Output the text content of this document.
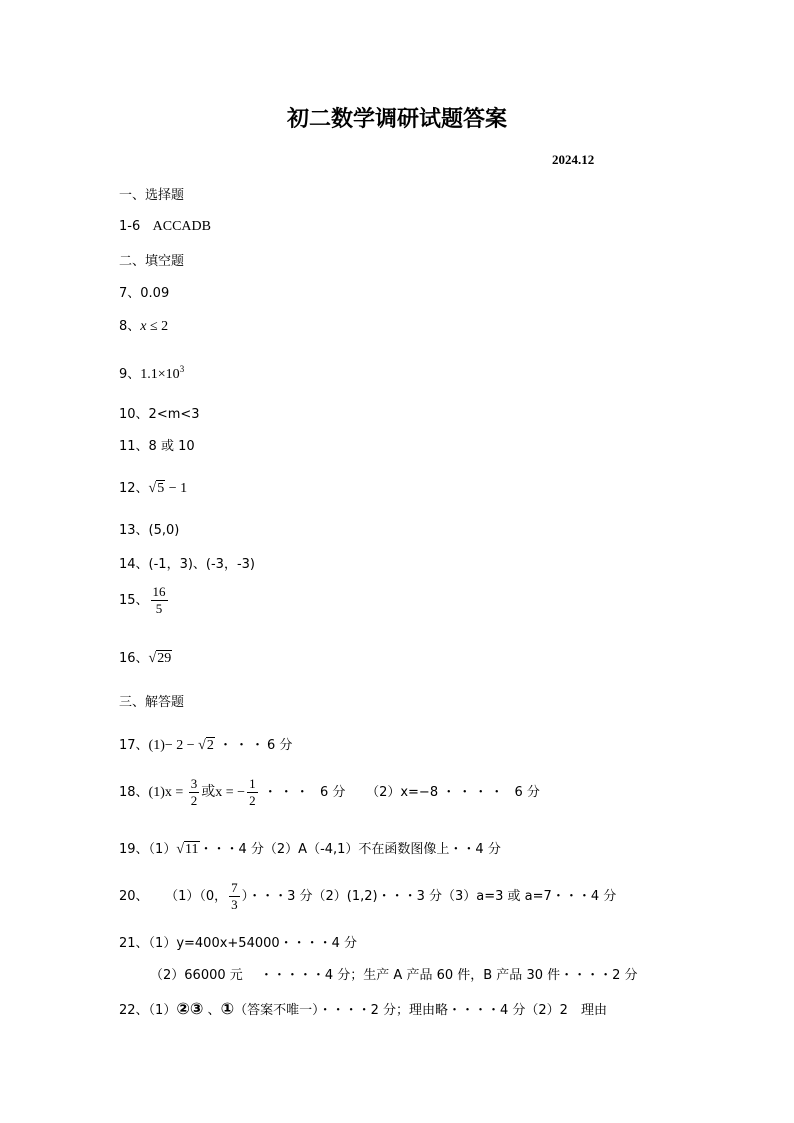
初二数学调研试题答案
2024.12
一、选择题
1-6 ACCADB
二、填空题
7、0.09
8、x ≤ 2
9、$1.1\times 10^3$
10、2<m<3
11、8 或 10
12、√5 − 1
13、(5,0)
14、(-1，3)、(-3，-3)
15、 $\frac{16}{5}$
16、√29
三、解答题
17、(1)− 2 − √2 ・・・6 分
18、$(1)x = \frac{3}{2}$ 或x = − $\frac{1}{2}$ ・・・ 6 分 （2）x=−8 ・・・・ 6 分
19、（1）√11・・・4 分（2）A（-4,1）不在函数图像上・・4 分
20、 （1）（0， $\frac{7}{3}$ ）・・・3 分（2）(1,2)・・・3 分（3）a=3 或 a=7・・・4 分
21、（1）y=400x+54000・・・・4 分
（2）66000 元　 ・・・・・4 分；生产 A 产品 60 件，B 产品 30 件・・・・2 分
22、（1）②③ 、①（答案不唯一）・・・・2 分；理由略・・・・4 分（2）2　理由
